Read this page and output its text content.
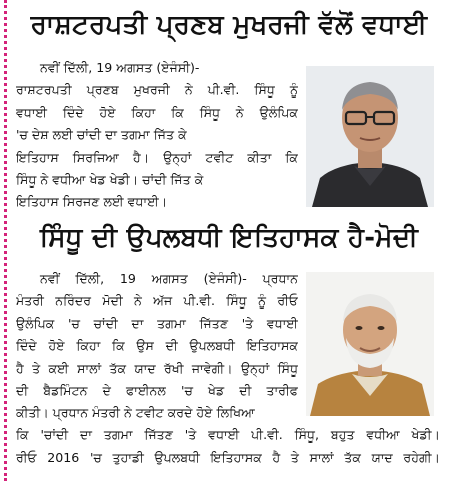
ਰਾਸ਼ਟਰਪਤੀ ਪ੍ਰਣਬ ਮੁਖਰਜੀ ਵੱਲੋਂ ਵਧਾਈ
ਨਵੀਂ ਦਿੱਲੀ, 19 ਅਗਸਤ (ਏਜੰਸੀ)-
ਰਾਸ਼ਟਰਪਤੀ ਪ੍ਰਣਬ ਮੁਖਰਜੀ ਨੇ ਪੀ.ਵੀ. ਸਿੰਧੂ ਨੂੰ
ਵਧਾਈ ਦਿੰਦੇ ਹੋਏ ਕਿਹਾ ਕਿ ਸਿੰਧੂ ਨੇ ਉਲੰਪਿਕ
'ਚ ਦੇਸ਼ ਲਈ ਚਾਂਦੀ ਦਾ ਤਗਮਾ ਜਿੱਤ ਕੇ
ਇਤਿਹਾਸ ਸਿਰਜਿਆ ਹੈ। ਉਨ੍ਹਾਂ ਟਵੀਟ ਕੀਤਾ ਕਿ
ਸਿੰਧੂ ਨੇ ਵਧੀਆ ਖੇਡ ਖੇਡੀ। ਚਾਂਦੀ ਜਿੱਤ ਕੇ
ਇਤਿਹਾਸ ਸਿਰਜਣ ਲਈ ਵਧਾਈ।
ਸਿੰਧੂ ਦੀ ਉਪਲਬਧੀ ਇਤਿਹਾਸਕ ਹੈ-ਮੋਦੀ
ਨਵੀਂ ਦਿੱਲੀ, 19 ਅਗਸਤ (ਏਜੰਸੀ)- ਪ੍ਰਧਾਨ
ਮੰਤਰੀ ਨਰਿੰਦਰ ਮੋਦੀ ਨੇ ਅੱਜ ਪੀ.ਵੀ. ਸਿੰਧੂ ਨੂੰ ਰੀਓ
ਉਲੰਪਿਕ 'ਚ ਚਾਂਦੀ ਦਾ ਤਗਮਾ ਜਿੱਤਣ 'ਤੇ ਵਧਾਈ
ਦਿੰਦੇ ਹੋਏ ਕਿਹਾ ਕਿ ਉਸ ਦੀ ਉਪਲਬਧੀ ਇਤਿਹਾਸਕ
ਹੈ ਤੇ ਕਈ ਸਾਲਾਂ ਤੱਕ ਯਾਦ ਰੱਖੀ ਜਾਵੇਗੀ। ਉਨ੍ਹਾਂ ਸਿੰਧੂ
ਦੀ ਬੈਡਮਿੰਟਨ ਦੇ ਫਾਈਨਲ 'ਚ ਖੇਡ ਦੀ ਤਾਰੀਫ
ਕੀਤੀ। ਪ੍ਰਧਾਨ ਮੰਤਰੀ ਨੇ ਟਵੀਟ ਕਰਦੇ ਹੋਏ ਲਿਖਿਆ
ਕਿ 'ਚਾਂਦੀ ਦਾ ਤਗਮਾ ਜਿੱਤਣ 'ਤੇ ਵਧਾਈ ਪੀ.ਵੀ. ਸਿੰਧੂ, ਬਹੁਤ ਵਧੀਆ ਖੇਡੀ।
ਰੀਓ 2016 'ਚ ਤੁਹਾਡੀ ਉਪਲਬਧੀ ਇਤਿਹਾਸਕ ਹੈ ਤੇ ਸਾਲਾਂ ਤੱਕ ਯਾਦ ਰਹੇਗੀ।
